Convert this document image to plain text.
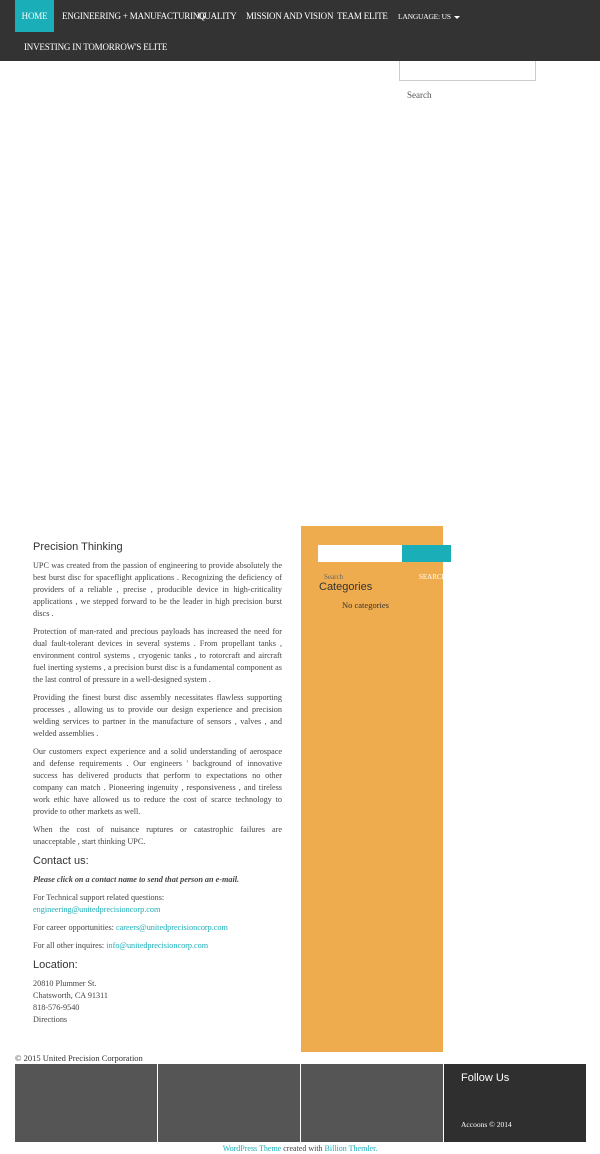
HOME	ENGINEERING + MANUFACTURING
QUALITY MISSION AND VISION TEAM ELITE LANGUAGE: US
INVESTING IN TOMORROW'S ELITE
Search
Precision Thinking

UPC was created from the passion of engineering to provide absolutely the best burst disc for spaceflight applications . Recognizing the deficiency of providers of a reliable , precise , producible device in high-criticality applications , we stepped forward to be the leader in high precision burst discs .

Protection of man-rated and precious payloads has increased the need for dual fault-tolerant devices in several systems . From propellant tanks , environment control systems , cryogenic tanks , to rotorcraft and aircraft fuel inerting systems , a precision burst disc is a fundamental component as the last control of pressure in a well-designed system .

Providing the finest burst disc assembly necessitates flawless supporting processes , allowing us to provide our design experience and precision welding services to partner in the manufacture of sensors , valves , and welded assemblies .

Our customers expect experience and a solid understanding of aerospace and defense requirements . Our engineers ' background of innovative success has delivered products that perform to expectations no other company can match . Pioneering ingenuity , responsiveness , and tireless work ethic have allowed us to reduce the cost of scarce technology to provide to other markets as well.

When the cost of nuisance ruptures or catastrophic failures are unacceptable , start thinking UPC.

Contact us:

Please click on a contact name to send that person an e-mail.

For Technical support related questions:
engineering@unitedprecisioncorp.com

For career opportunities: careers@unitedprecisioncorp.com

For all other inquires: info@unitedprecisioncorp.com

Location:

20810 Plummer St.
Chatsworth, CA 91311
818-576-9540
Directions

Search	SEARCH
Categories
No categories
© 2015 United Precision Corporation
Follow Us
Accoons © 2014
WordPress Theme created with Billion Themler.
